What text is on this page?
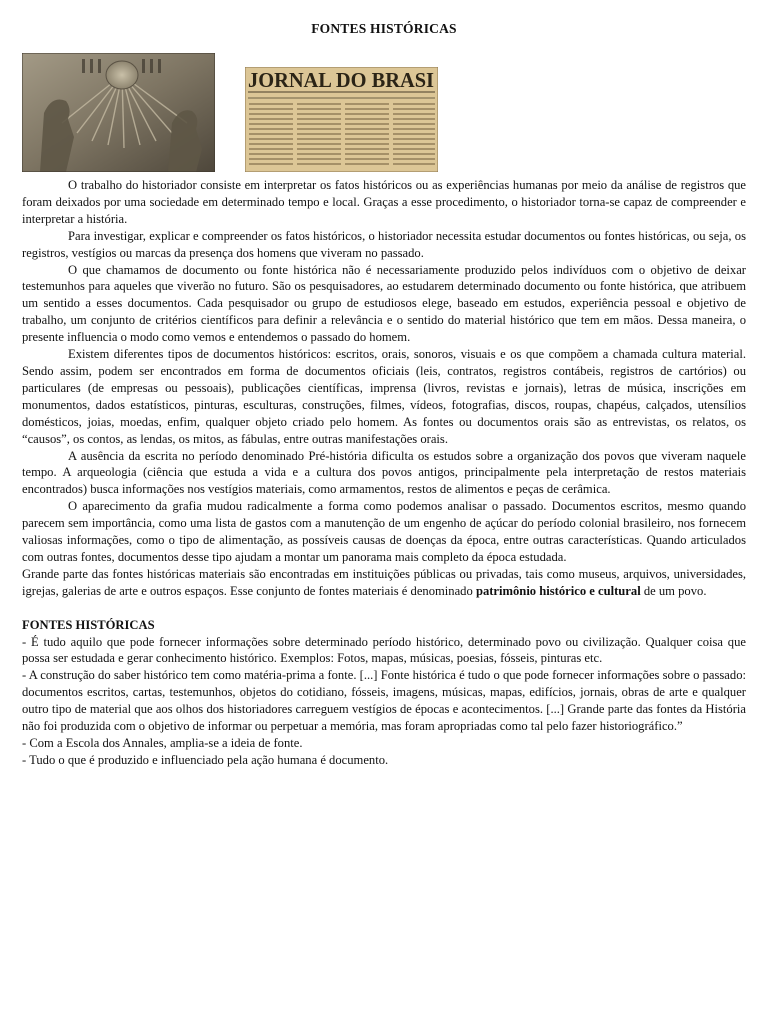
FONTES HISTÓRICAS
JORNAL DO BRASI

O trabalho do historiador consiste em interpretar os fatos históricos ou as experiências humanas por meio da análise de registros que foram deixados por uma sociedade em determinado tempo e local. Graças a esse procedimento, o historiador torna-se capaz de compreender e interpretar a história.

Para investigar, explicar e compreender os fatos históricos, o historiador necessita estudar documentos ou fontes históricas, ou seja, os registros, vestígios ou marcas da presença dos homens que viveram no passado.

O que chamamos de documento ou fonte histórica não é necessariamente produzido pelos indivíduos com o objetivo de deixar testemunhos para aqueles que viverão no futuro. São os pesquisadores, ao estudarem determinado documento ou fonte histórica, que atribuem um sentido a esses documentos. Cada pesquisador ou grupo de estudiosos elege, baseado em estudos, experiência pessoal e objetivo de trabalho, um conjunto de critérios científicos para definir a relevância e o sentido do material histórico que tem em mãos. Dessa maneira, o presente influencia o modo como vemos e entendemos o passado do homem.

Existem diferentes tipos de documentos históricos: escritos, orais, sonoros, visuais e os que compõem a chamada cultura material. Sendo assim, podem ser encontrados em forma de documentos oficiais (leis, contratos, registros contábeis, registros de cartórios) ou particulares (de empresas ou pessoais), publicações científicas, imprensa (livros, revistas e jornais), letras de música, inscrições em monumentos, dados estatísticos, pinturas, esculturas, construções, filmes, vídeos, fotografias, discos, roupas, chapéus, calçados, utensílios domésticos, joias, moedas, enfim, qualquer objeto criado pelo homem. As fontes ou documentos orais são as entrevistas, os relatos, os “causos”, os contos, as lendas, os mitos, as fábulas, entre outras manifestações orais.

A ausência da escrita no período denominado Pré-história dificulta os estudos sobre a organização dos povos que viveram naquele tempo. A arqueologia (ciência que estuda a vida e a cultura dos povos antigos, principalmente pela interpretação de restos materiais encontrados) busca informações nos vestígios materiais, como armamentos, restos de alimentos e peças de cerâmica.

O aparecimento da grafia mudou radicalmente a forma como podemos analisar o passado. Documentos escritos, mesmo quando parecem sem importância, como uma lista de gastos com a manutenção de um engenho de açúcar do período colonial brasileiro, nos fornecem valiosas informações, como o tipo de alimentação, as possíveis causas de doenças da época, entre outras características. Quando articulados com outras fontes, documentos desse tipo ajudam a montar um panorama mais completo da época estudada.

Grande parte das fontes históricas materiais são encontradas em instituições públicas ou privadas, tais como museus, arquivos, universidades, igrejas, galerias de arte e outros espaços. Esse conjunto de fontes materiais é denominado patrimônio histórico e cultural de um povo.

FONTES HISTÓRICAS

- É tudo aquilo que pode fornecer informações sobre determinado período histórico, determinado povo ou civilização. Qualquer coisa que possa ser estudada e gerar conhecimento histórico. Exemplos: Fotos, mapas, músicas, poesias, fósseis, pinturas etc.

- A construção do saber histórico tem como matéria-prima a fonte. [...] Fonte histórica é tudo o que pode fornecer informações sobre o passado: documentos escritos, cartas, testemunhos, objetos do cotidiano, fósseis, imagens, músicas, mapas, edifícios, jornais, obras de arte e qualquer outro tipo de material que aos olhos dos historiadores carreguem vestígios de épocas e acontecimentos. [...] Grande parte das fontes da História não foi produzida com o objetivo de informar ou perpetuar a memória, mas foram apropriadas como tal pelo fazer historiográfico.”

- Com a Escola dos Annales, amplia-se a ideia de fonte.

- Tudo o que é produzido e influenciado pela ação humana é documento.
